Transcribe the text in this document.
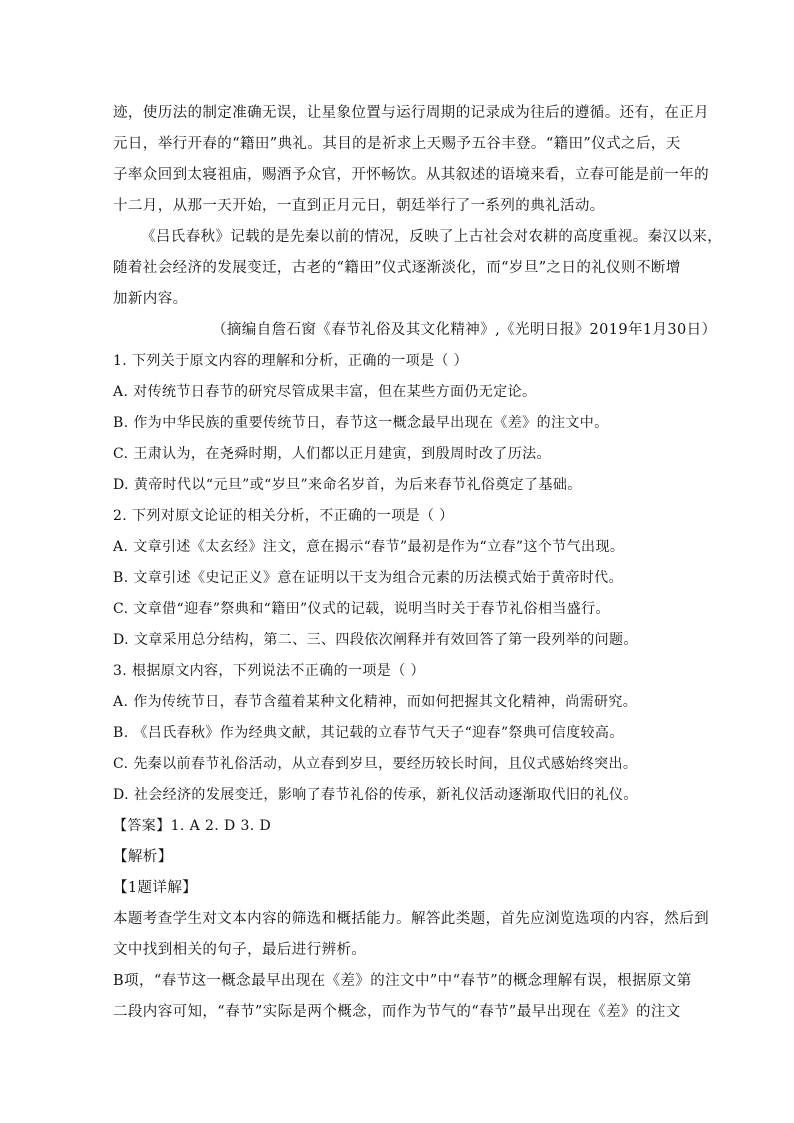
迹，使历法的制定准确无误，让星象位置与运行周期的记录成为往后的遵循。还有，在正月
元日，举行开春的“籍田”典礼。其目的是祈求上天赐予五谷丰登。“籍田”仪式之后，天
子率众回到太寝祖庙，赐酒予众官，开怀畅饮。从其叙述的语境来看，立春可能是前一年的
十二月，从那一天开始，一直到正月元日，朝廷举行了一系列的典礼活动。
《吕氏春秋》记载的是先秦以前的情况，反映了上古社会对农耕的高度重视。秦汉以来，
随着社会经济的发展变迁，古老的“籍田”仪式逐渐淡化，而“岁旦”之日的礼仪则不断增
加新内容。
（摘编自詹石窗《春节礼俗及其文化精神》,《光明日报》2019年1月30日）
1. 下列关于原文内容的理解和分析，正确的一项是（ ）
A. 对传统节日春节的研究尽管成果丰富，但在某些方面仍无定论。
B. 作为中华民族的重要传统节日，春节这一概念最早出现在《差》的注文中。
C. 王肃认为，在尧舜时期，人们都以正月建寅，到殷周时改了历法。
D. 黄帝时代以“元旦”或“岁旦”来命名岁首，为后来春节礼俗奠定了基础。
2. 下列对原文论证的相关分析，不正确的一项是（ ）
A. 文章引述《太玄经》注文，意在揭示“春节”最初是作为“立春”这个节气出现。
B. 文章引述《史记正义》意在证明以干支为组合元素的历法模式始于黄帝时代。
C. 文章借“迎春”祭典和“籍田”仪式的记载，说明当时关于春节礼俗相当盛行。
D. 文章采用总分结构，第二、三、四段依次阐释并有效回答了第一段列举的问题。
3. 根据原文内容，下列说法不正确的一项是（ ）
A. 作为传统节日，春节含蕴着某种文化精神，而如何把握其文化精神，尚需研究。
B. 《吕氏春秋》作为经典文献，其记载的立春节气天子“迎春”祭典可信度较高。
C. 先秦以前春节礼俗活动，从立春到岁旦，要经历较长时间，且仪式感始终突出。
D. 社会经济的发展变迁，影响了春节礼俗的传承，新礼仪活动逐渐取代旧的礼仪。
【答案】1. A 2. D 3. D
【解析】
【1题详解】
本题考查学生对文本内容的筛选和概括能力。解答此类题，首先应浏览选项的内容，然后到
文中找到相关的句子，最后进行辨析。
B项，“春节这一概念最早出现在《差》的注文中”中“春节”的概念理解有误，根据原文第
二段内容可知，“春节”实际是两个概念，而作为节气的“春节”最早出现在《差》的注文
